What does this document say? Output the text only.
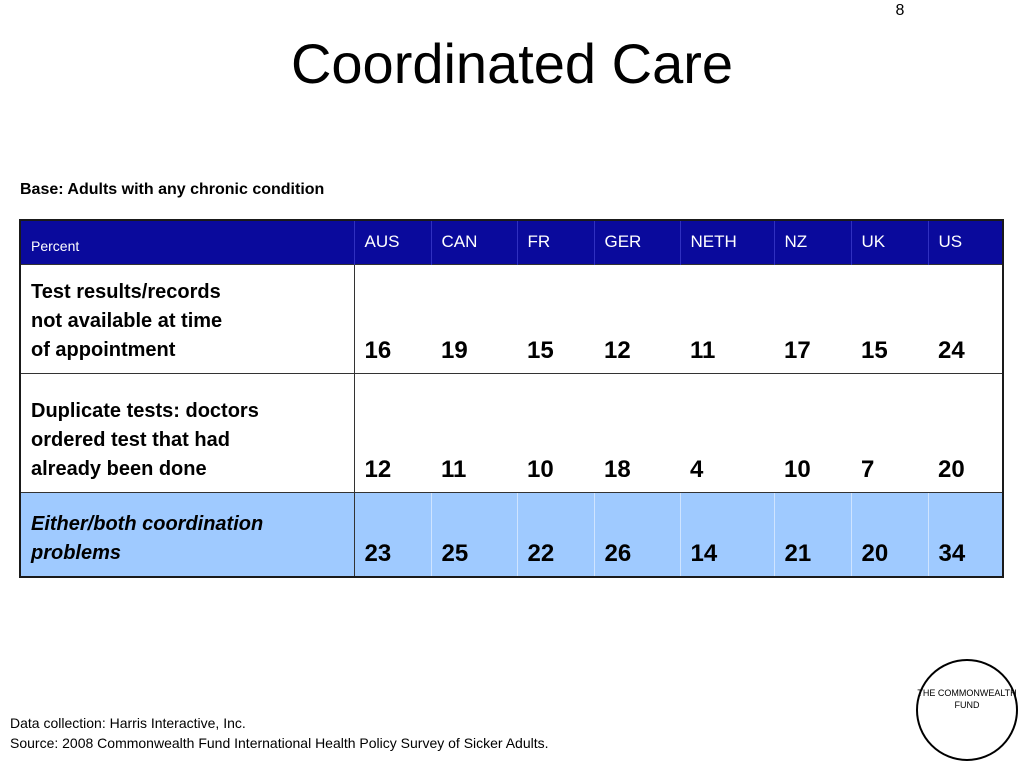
8
Coordinated Care
Base: Adults with any chronic condition
Percent	AUS	CAN	FR	GER	NETH	NZ	UK	US
Test results/records
not available at time
of appointment	16	19	15	12	11	17	15	24
Duplicate tests: doctors
ordered test that had
already been done	12	11	10	18	4	10	7	20
Either/both coordination
problems	23	25	22	26	14	21	20	34
Data collection: Harris Interactive, Inc.
Source: 2008 Commonwealth Fund International Health Policy Survey of Sicker Adults.
THE COMMONWEALTH
FUND
